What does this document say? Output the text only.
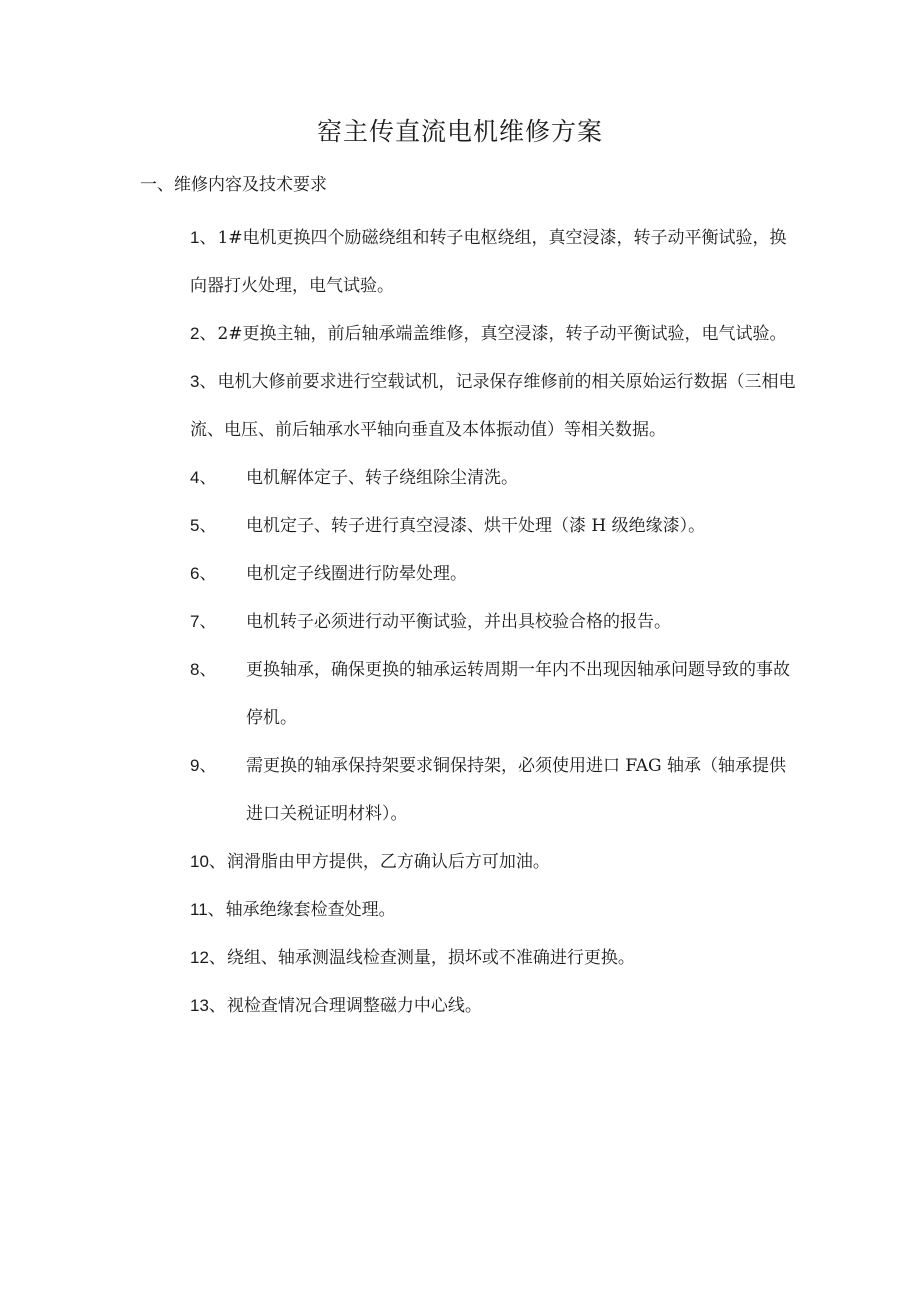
窑主传直流电机维修方案
一、维修内容及技术要求
1、1#电机更换四个励磁绕组和转子电枢绕组，真空浸漆，转子动平衡试验，换向器打火处理，电气试验。
2、2#更换主轴，前后轴承端盖维修，真空浸漆，转子动平衡试验，电气试验。
3、电机大修前要求进行空载试机，记录保存维修前的相关原始运行数据（三相电流、电压、前后轴承水平轴向垂直及本体振动值）等相关数据。
4、 电机解体定子、转子绕组除尘清洗。
5、 电机定子、转子进行真空浸漆、烘干处理（漆 H 级绝缘漆）。
6、 电机定子线圈进行防晕处理。
7、 电机转子必须进行动平衡试验，并出具校验合格的报告。
8、 更换轴承，确保更换的轴承运转周期一年内不出现因轴承问题导致的事故停机。
9、 需更换的轴承保持架要求铜保持架，必须使用进口 FAG 轴承（轴承提供进口关税证明材料）。
10、润滑脂由甲方提供，乙方确认后方可加油。
11、轴承绝缘套检查处理。
12、绕组、轴承测温线检查测量，损坏或不准确进行更换。
13、视检查情况合理调整磁力中心线。
